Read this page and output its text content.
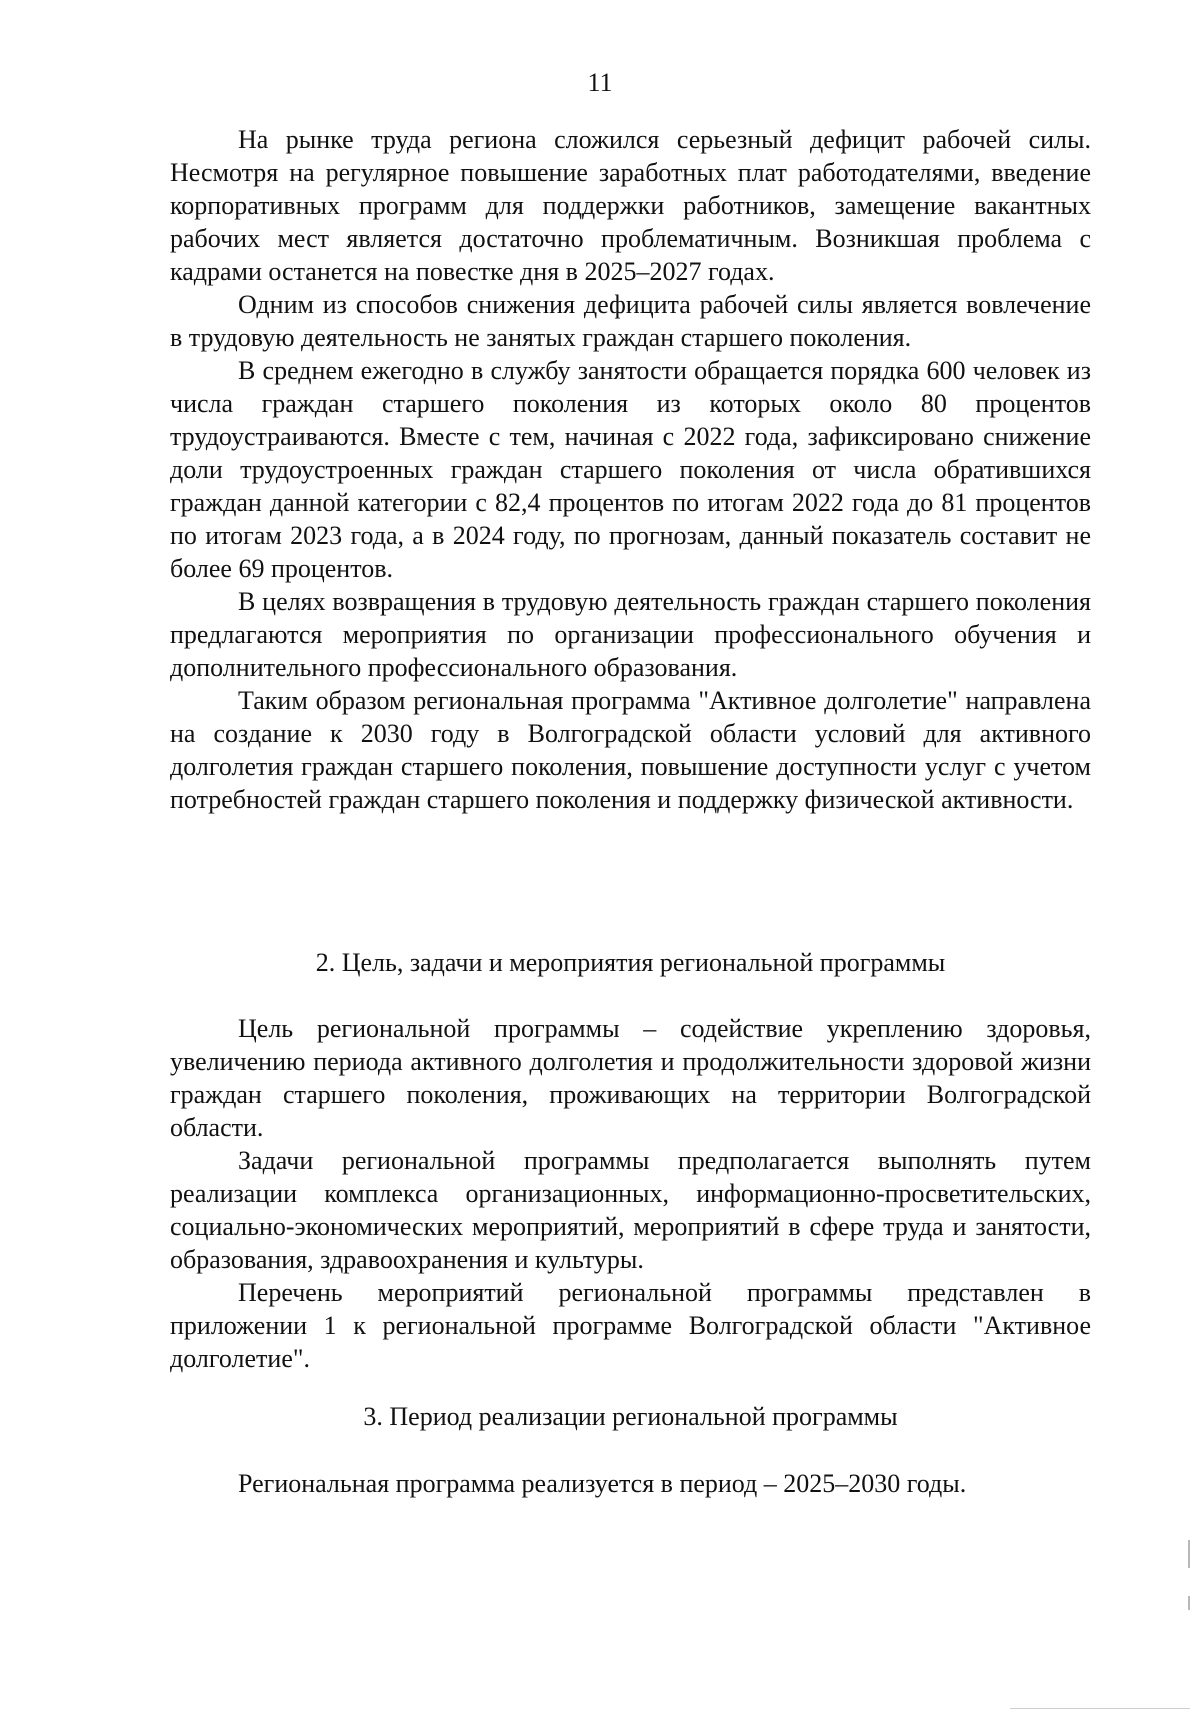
11

На рынке труда региона сложился серьезный дефицит рабочей силы. Несмотря на регулярное повышение заработных плат работодателями, введение корпоративных программ для поддержки работников, замещение вакантных рабочих мест является достаточно проблематичным. Возникшая проблема с кадрами останется на повестке дня в 2025–2027 годах.

Одним из способов снижения дефицита рабочей силы является вовлечение в трудовую деятельность не занятых граждан старшего поколения.

В среднем ежегодно в службу занятости обращается порядка 600 человек из числа граждан старшего поколения из которых около 80 процентов трудоустраиваются. Вместе с тем, начиная с 2022 года, зафиксировано снижение доли трудоустроенных граждан старшего поколения от числа обратившихся граждан данной категории с 82,4 процентов по итогам 2022 года до 81 процентов по итогам 2023 года, а в 2024 году, по прогнозам, данный показатель составит не более 69 процентов.

В целях возвращения в трудовую деятельность граждан старшего поколения предлагаются мероприятия по организации профессионального обучения и дополнительного профессионального образования.

Таким образом региональная программа "Активное долголетие" направлена на создание к 2030 году в Волгоградской области условий для активного долголетия граждан старшего поколения, повышение доступности услуг с учетом потребностей граждан старшего поколения и поддержку физической активности.

2. Цель, задачи и мероприятия региональной программы

Цель региональной программы – содействие укреплению здоровья, увеличению периода активного долголетия и продолжительности здоровой жизни граждан старшего поколения, проживающих на территории Волгоградской области.

Задачи региональной программы предполагается выполнять путем реализации комплекса организационных, информационно-просветительских, социально-экономических мероприятий, мероприятий в сфере труда и занятости, образования, здравоохранения и культуры.

Перечень мероприятий региональной программы представлен в приложении 1 к региональной программе Волгоградской области "Активное долголетие".

3. Период реализации региональной программы

Региональная программа реализуется в период – 2025–2030 годы.
